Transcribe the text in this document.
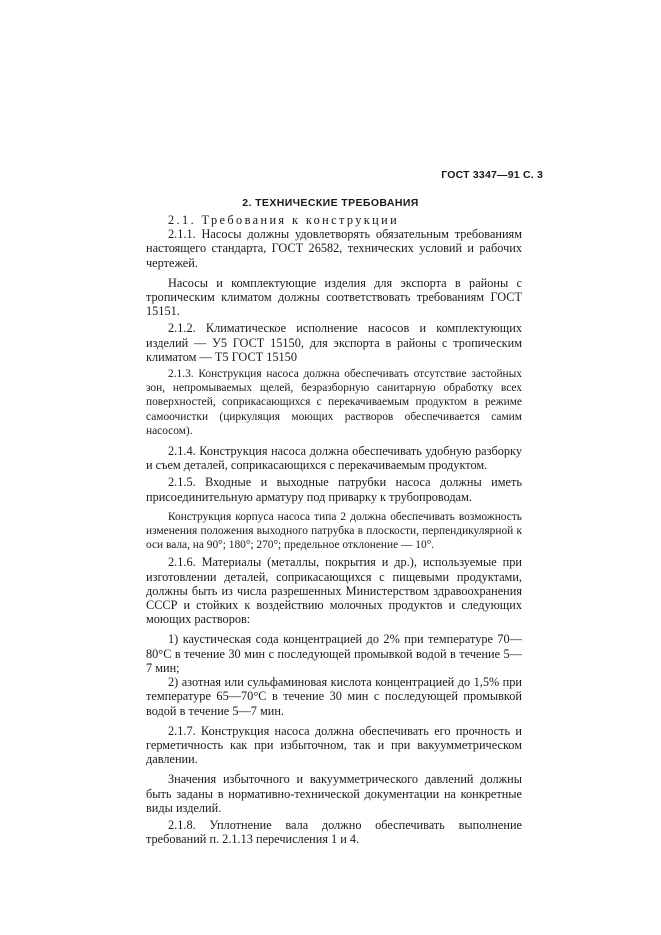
ГОСТ 3347—91 С. 3
2. ТЕХНИЧЕСКИЕ ТРЕБОВАНИЯ

2.1. Требования к конструкции

2.1.1. Насосы должны удовлетворять обязательным требованиям настоящего стандарта, ГОСТ 26582, технических условий и рабочих чертежей.

Насосы и комплектующие изделия для экспорта в районы с тропическим климатом должны соответствовать требованиям ГОСТ 15151.

2.1.2. Климатическое исполнение насосов и комплектующих изделий — У5 ГОСТ 15150, для экспорта в районы с тропическим климатом — Т5 ГОСТ 15150

2.1.3. Конструкция насоса должна обеспечивать отсутствие застойных зон, непромываемых щелей, безразборную санитарную обработку всех поверхностей, соприкасающихся с перекачиваемым продуктом в режиме самоочистки (циркуляция моющих растворов обеспечивается самим насосом).

2.1.4. Конструкция насоса должна обеспечивать удобную разборку и съем деталей, соприкасающихся с перекачиваемым продуктом.

2.1.5. Входные и выходные патрубки насоса должны иметь присоединительную арматуру под приварку к трубопроводам.

Конструкция корпуса насоса типа 2 должна обеспечивать возможность изменения положения выходного патрубка в плоскости, перпендикулярной к оси вала, на 90°; 180°; 270°; предельное отклонение — 10°.

2.1.6. Материалы (металлы, покрытия и др.), используемые при изготовлении деталей, соприкасающихся с пищевыми продуктами, должны быть из числа разрешенных Министерством здравоохранения СССР и стойких к воздействию молочных продуктов и следующих моющих растворов:

1) каустическая сода концентрацией до 2% при температуре 70—80°С в течение 30 мин с последующей промывкой водой в течение 5—7 мин;

2) азотная или сульфаминовая кислота концентрацией до 1,5% при температуре 65—70°С в течение 30 мин с последующей промывкой водой в течение 5—7 мин.

2.1.7. Конструкция насоса должна обеспечивать его прочность и герметичность как при избыточном, так и при вакуумметрическом давлении.

Значения избыточного и вакуумметрического давлений должны быть заданы в нормативно-технической документации на конкретные виды изделий.

2.1.8. Уплотнение вала должно обеспечивать выполнение требований п. 2.1.13 перечисления 1 и 4.
